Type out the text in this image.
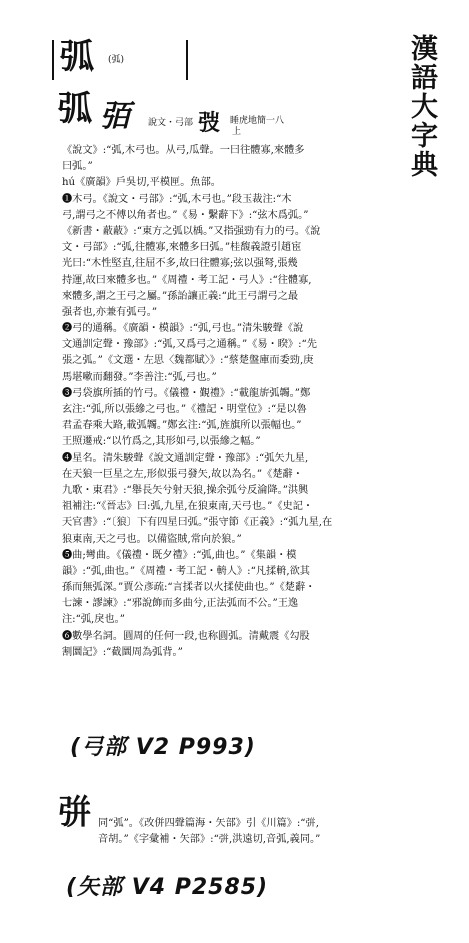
漢語大字典
弧 (弧)
弧 㢶 說文・弓部 弢 睡虎地簡一八
上
《說文》:“弧,木弓也。从弓,瓜聲。一曰往體寡,來體多
曰弧。”
hú《廣韻》戶吳切,平模匣。魚部。
❶木弓。《說文・弓部》:“弧,木弓也。”段玉裁注:“木
弓,謂弓之不傅以角者也。”《易・繫辭下》:“弦木爲弧。”
《新書・蔽蔽》:“東方之弧以楀。”又指强勁有力的弓。《說
文・弓部》:“弧,往體寡,來體多曰弧。”桂馥義證引趙宦
光曰:“木性堅直,往屈不多,故曰往體寡;弦以强弩,張幾
持運,故曰來體多也。”《周禮・考工記・弓人》:“往體寡,
來體多,謂之王弓之屬。”孫詒讓正義:“此王弓謂弓之最
强者也,亦兼有弧弓。”
❷弓的通稱。《廣韻・模韻》:“弧,弓也。”清朱駿聲《說
文通訓定聲・豫部》:“弧,又爲弓之通稱。”《易・睽》:“先
張之弧。”《文選・左思〈魏都賦〉》:“蔡楚盤庫而委勁,庚
馬堪嗽而翻發。”李善注:“弧,弓也。”
❸弓袋旗所插的竹弓。《儀禮・覲禮》:“載龍旂弧韣。”鄭
玄注:“弧,所以張縿之弓也。”《禮記・明堂位》:“是以魯
君孟春乘大路,載弧韣。”鄭玄注:“弧,旌旗所以張幅也。”
王照遷戒:“以竹爲之,其形如弓,以張縿之幅。”
❹星名。清朱駿聲《說文通訓定聲・豫部》:“弧矢九星,
在天狼一巨星之左,形似張弓發矢,故以為名。”《楚辭・
九歌・東君》:“舉長矢兮射天狼,操余弧兮反淪降。”洪興
祖補注:“《晉志》曰:弧,九星,在狼東南,天弓也。”《史記・
天官書》:“〔狼〕下有四星曰弧。”張守節《正義》:“弧九星,在
狼東南,天之弓也。以備盜賊,常向於狼。”
❺曲;彎曲。《儀禮・既夕禮》:“弧,曲也。”《集韻・模
韻》:“弧,曲也。”《周禮・考工記・輈人》:“凡揉輈,欲其
孫而無弧深。”賈公彥疏:“言揉者以火揉使曲也。”《楚辭・
七諫・謬諫》:“邪說飾而多曲兮,正法弧而不公。”王逸
注:“弧,戾也。”
❻數學名詞。圓周的任何一段,也称圓弧。清戴震《勾股
割圜記》:“截圜周為弧背。”
(弓部 V2 P993)
𢏳 同“弧”。《改併四聲篇海・矢部》引《川篇》:“𢏳,
音胡。”《字彙補・矢部》:“𢏳,洪遠切,音弧,義同。”
(矢部 V4 P2585)
